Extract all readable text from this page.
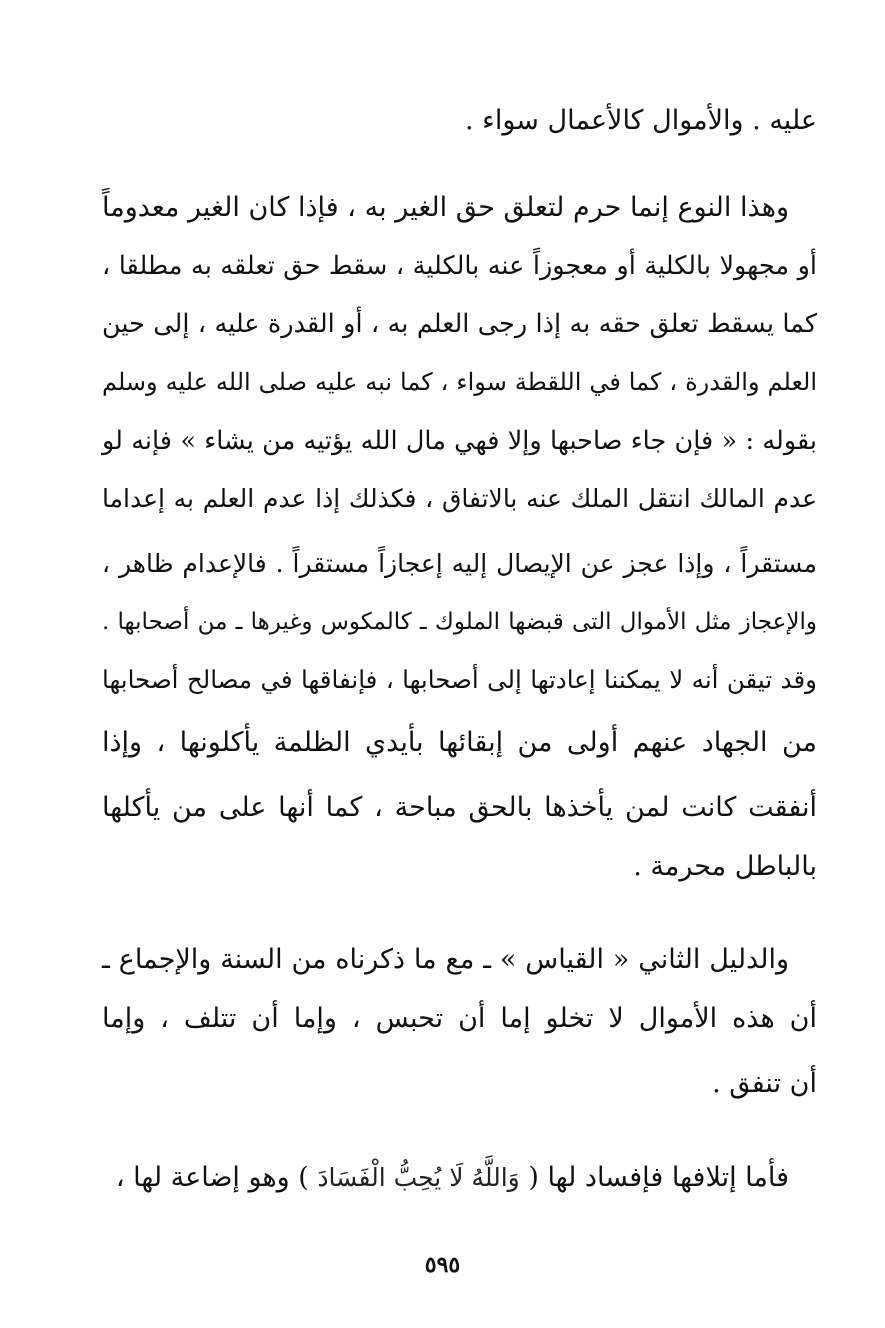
عليه . والأموال كالأعمال سواء .
وهذا النوع إنما حرم لتعلق حق الغير به ، فإذا كان الغير معدوماً
أو مجهولا بالكلية أو معجوزاً عنه بالكلية ، سقط حق تعلقه به مطلقا ،
كما يسقط تعلق حقه به إذا رجى العلم به ، أو القدرة عليه ، إلى حين
العلم والقدرة ، كما في اللقطة سواء ، كما نبه عليه صلى الله عليه وسلم
بقوله : « فإن جاء صاحبها وإلا فهي مال الله يؤتيه من يشاء » فإنه لو
عدم المالك انتقل الملك عنه بالاتفاق ، فكذلك إذا عدم العلم به إعداما
مستقراً ، وإذا عجز عن الإيصال إليه إعجازاً مستقراً . فالإعدام ظاهر ،
والإعجاز مثل الأموال التى قبضها الملوك ـ كالمكوس وغيرها ـ من أصحابها .
وقد تيقن أنه لا يمكننا إعادتها إلى أصحابها ، فإنفاقها في مصالح أصحابها
من الجهاد عنهم أولى من إبقائها بأيدي الظلمة يأكلونها ، وإذا
أنفقت كانت لمن يأخذها بالحق مباحة ، كما أنها على من يأكلها
بالباطل محرمة .
والدليل الثاني « القياس » ـ مع ما ذكرناه من السنة والإجماع ـ
أن هذه الأموال لا تخلو إما أن تحبس ، وإما أن تتلف ، وإما
أن تنفق .
فأما إتلافها فإفساد لها ( وَاللَّهُ لَا يُحِبُّ الْفَسَادَ ) وهو إضاعة لها ،
٥٩٥
